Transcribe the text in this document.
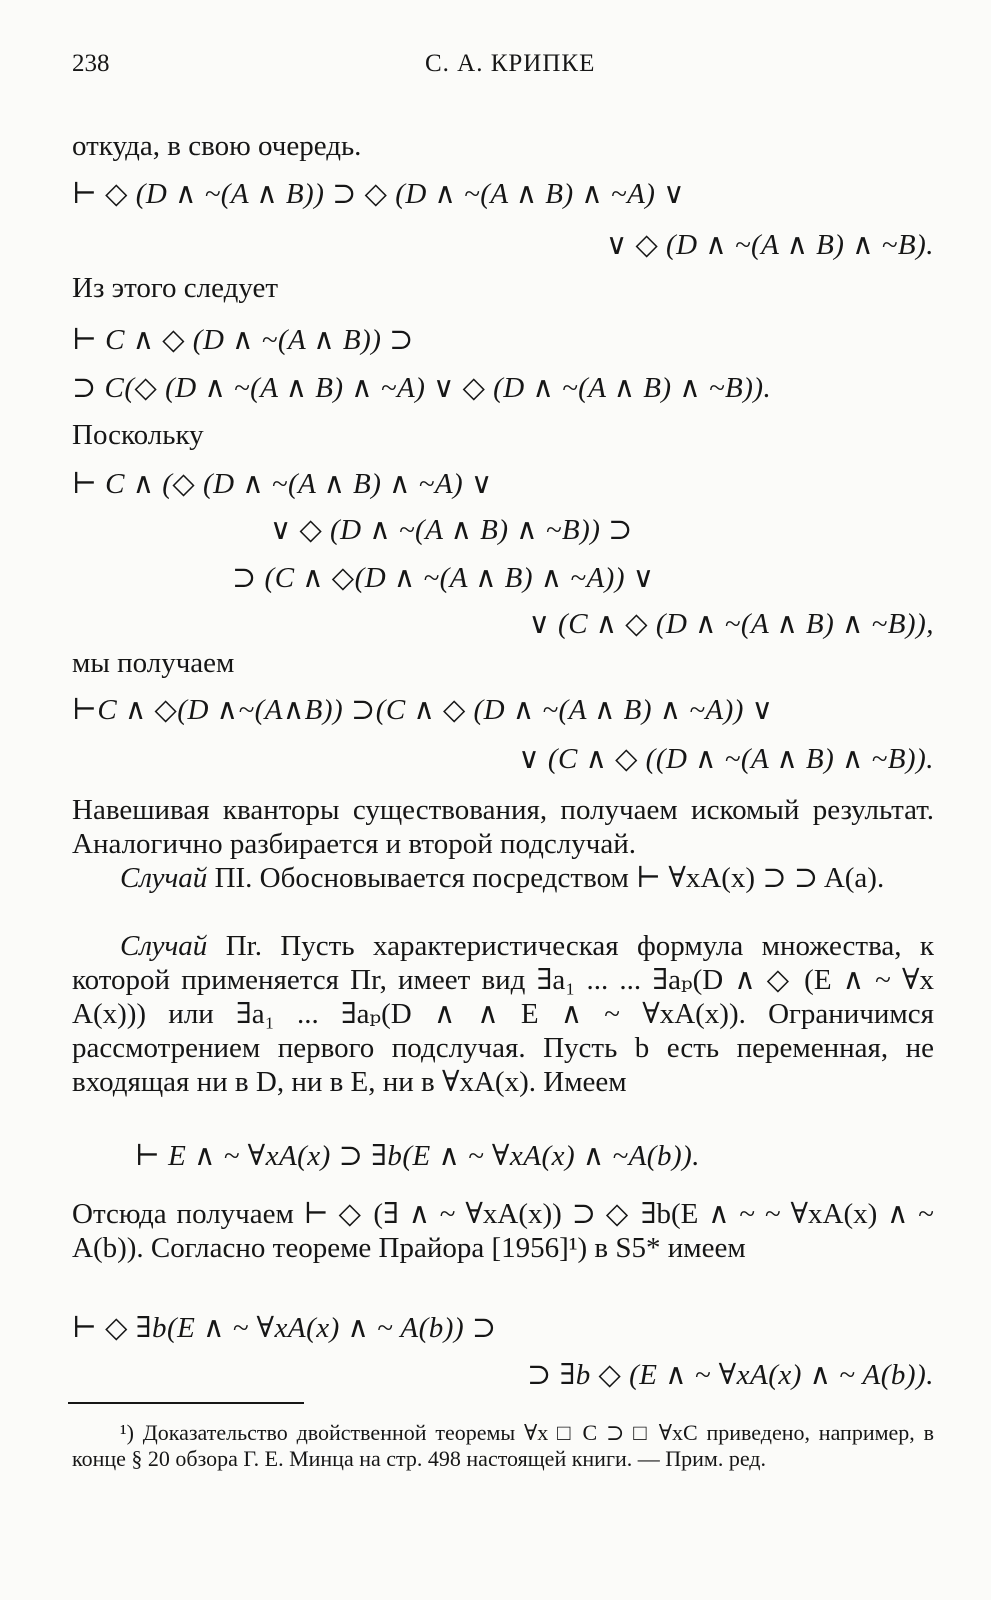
238	С. А. КРИПКЕ
откуда, в свою очередь.
⊢ ◇ (D ∧ ~(A ∧ B)) ⊃ ◇ (D ∧ ~(A ∧ B) ∧ ~A) ∨
∨ ◇ (D ∧ ~(A ∧ B) ∧ ~B).
Из этого следует
⊢ C ∧ ◇ (D ∧ ~(A ∧ B)) ⊃
⊃ C(◇ (D ∧ ~(A ∧ B) ∧ ~A) ∨ ◇ (D ∧ ~(A ∧ B) ∧ ~B)).
Поскольку
⊢ C ∧ (◇ (D ∧ ~(A ∧ B) ∧ ~A) ∨
∨ ◇ (D ∧ ~(A ∧ B) ∧ ~B)) ⊃
⊃ (C ∧ ◇(D ∧ ~(A ∧ B) ∧ ~A)) ∨
∨ (C ∧ ◇ (D ∧ ~(A ∧ B) ∧ ~B)),
мы получаем
⊢C ∧ ◇(D ∧~(A∧B)) ⊃(C ∧ ◇ (D ∧ ~(A ∧ B) ∧ ~A)) ∨
∨ (C ∧ ◇ ((D ∧ ~(A ∧ B) ∧ ~B)).
Навешивая кванторы существования, получаем искомый результат. Аналогично разбирается и второй подслучай.
Случай ПI. Обосновывается посредством ⊢ ∀xA(x) ⊃ ⊃ A(a).
Случай Пr. Пусть характеристическая формула множества, к которой применяется Пr, имеет вид ∃a₁ ... ... ∃aₚ(D ∧ ◇ (E ∧ ~ ∀x A(x))) или ∃a₁ ... ∃aₚ(D ∧ ∧ E ∧ ~ ∀xA(x)). Ограничимся рассмотрением первого подслучая. Пусть b есть переменная, не входящая ни в D, ни в E, ни в ∀xA(x). Имеем
⊢ E ∧ ~ ∀xA(x) ⊃ ∃b(E ∧ ~ ∀xA(x) ∧ ~A(b)).
Отсюда получаем ⊢ ◇ (∃ ∧ ~ ∀xA(x)) ⊃ ◇ ∃b(E ∧ ~ ~ ∀xA(x) ∧ ~ A(b)). Согласно теореме Прайора [1956]¹) в S5* имеем
⊢ ◇ ∃b(E ∧ ~ ∀xA(x) ∧ ~ A(b)) ⊃
⊃ ∃b ◇ (E ∧ ~ ∀xA(x) ∧ ~ A(b)).
¹) Доказательство двойственной теоремы ∀x □ C ⊃ □ ∀xC приведено, например, в конце § 20 обзора Г. Е. Минца на стр. 498 настоящей книги. — Прим. ред.
